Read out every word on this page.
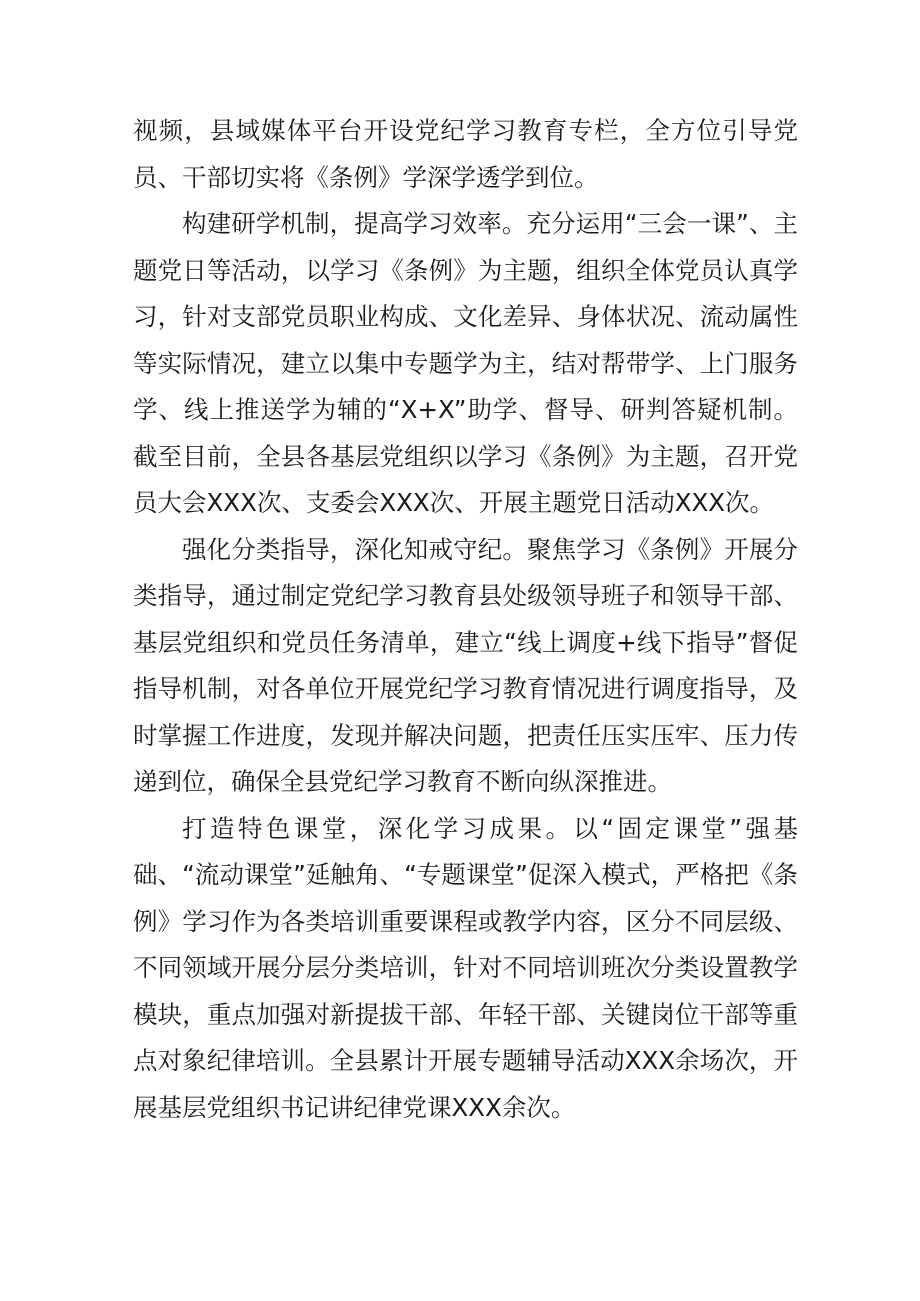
视频，县域媒体平台开设党纪学习教育专栏，全方位引导党员、干部切实将《条例》学深学透学到位。

构建研学机制，提高学习效率。充分运用“三会一课”、主题党日等活动，以学习《条例》为主题，组织全体党员认真学习，针对支部党员职业构成、文化差异、身体状况、流动属性等实际情况，建立以集中专题学为主，结对帮带学、上门服务学、线上推送学为辅的“X+X”助学、督导、研判答疑机制。截至目前，全县各基层党组织以学习《条例》为主题，召开党员大会XXX次、支委会XXX次、开展主题党日活动XXX次。

强化分类指导，深化知戒守纪。聚焦学习《条例》开展分类指导，通过制定党纪学习教育县处级领导班子和领导干部、基层党组织和党员任务清单，建立“线上调度+线下指导”督促指导机制，对各单位开展党纪学习教育情况进行调度指导，及时掌握工作进度，发现并解决问题，把责任压实压牢、压力传递到位，确保全县党纪学习教育不断向纵深推进。

打造特色课堂，深化学习成果。以“固定课堂”强基础、“流动课堂”延触角、“专题课堂”促深入模式，严格把《条例》学习作为各类培训重要课程或教学内容，区分不同层级、不同领域开展分层分类培训，针对不同培训班次分类设置教学模块，重点加强对新提拔干部、年轻干部、关键岗位干部等重点对象纪律培训。全县累计开展专题辅导活动XXX余场次，开展基层党组织书记讲纪律党课XXX余次。
